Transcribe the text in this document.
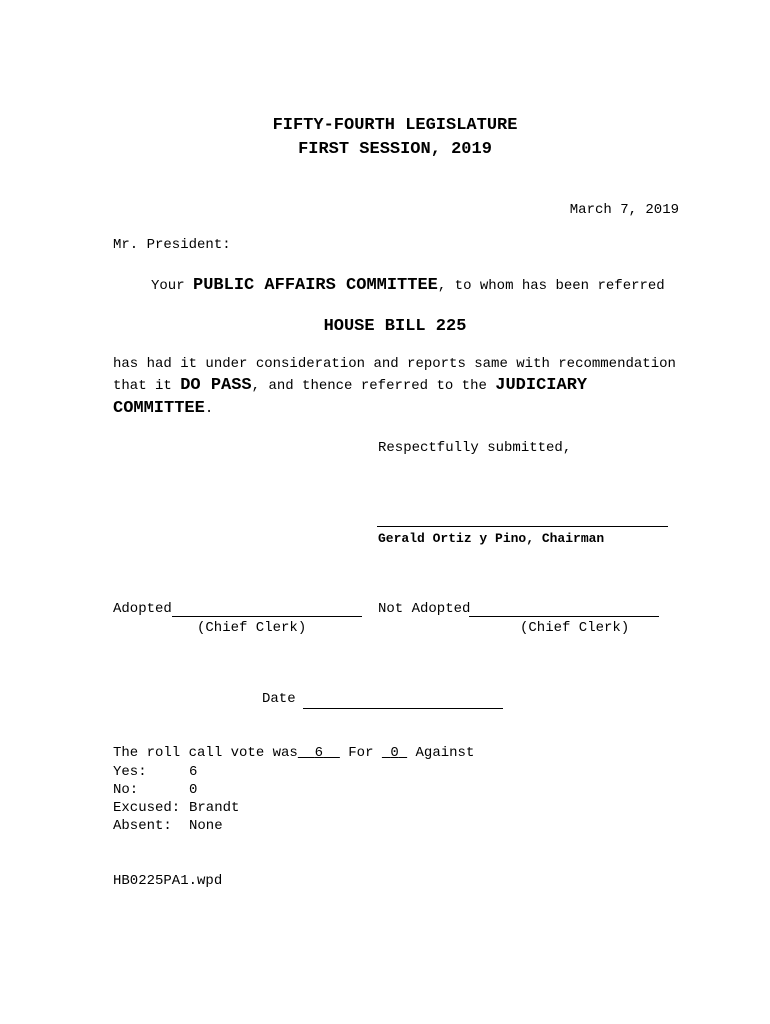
FIFTY-FOURTH LEGISLATURE
FIRST SESSION, 2019
March 7, 2019
Mr. President:
Your PUBLIC AFFAIRS COMMITTEE, to whom has been referred
HOUSE BILL 225
has had it under consideration and reports same with recommendation
that it DO PASS, and thence referred to the JUDICIARY
COMMITTEE.
Respectfully submitted,
Gerald Ortiz y Pino, Chairman
Adopted	Not Adopted
(Chief Clerk)	(Chief Clerk)
Date
The roll call vote was 6 For 0 Against
Yes:	6
No:	0
Excused: Brandt
Absent: None
HB0225PA1.wpd
